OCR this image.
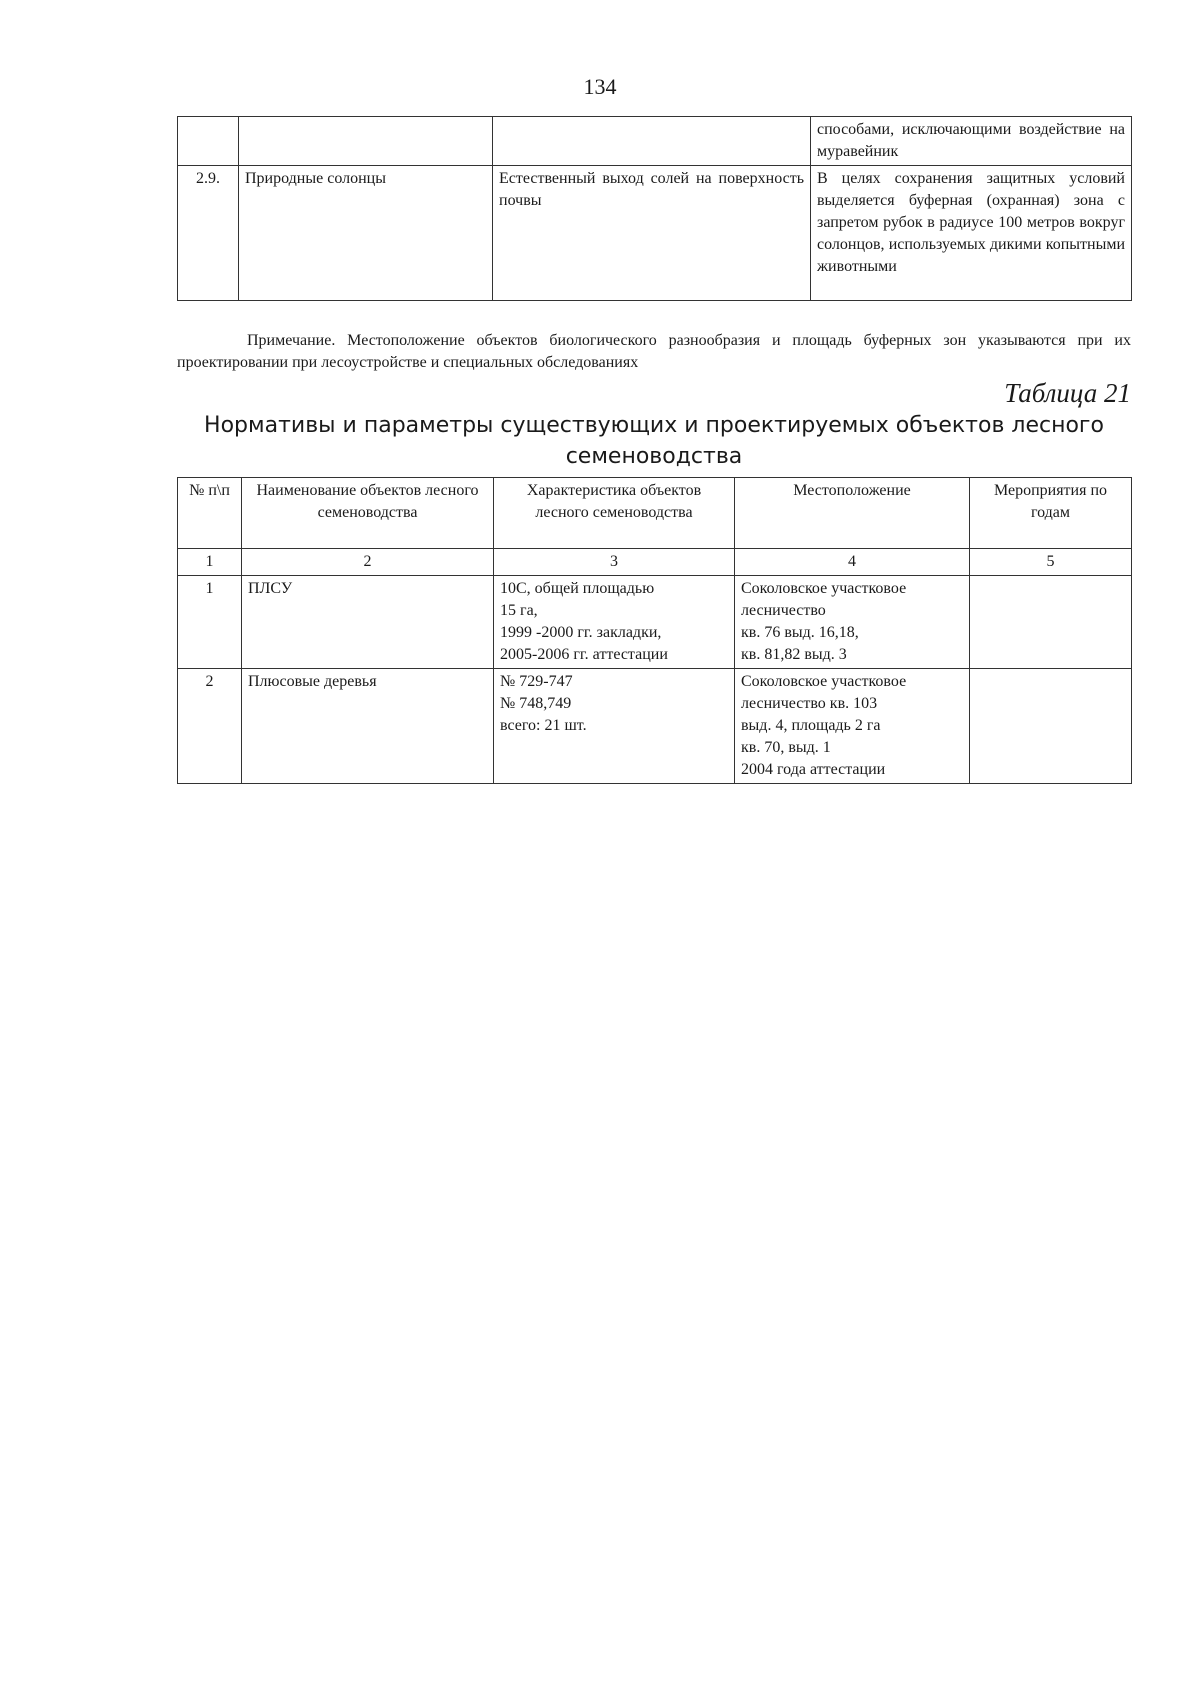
134
			способами, исключающими воздействие на муравейник
2.9.	Природные солонцы	Естественный выход солей на поверхность почвы	В целях сохранения защитных условий выделяется буферная (охранная) зона с запретом рубок в радиусе 100 метров вокруг солонцов, используемых дикими копытными животными
Примечание. Местоположение объектов биологического разнообразия и площадь буферных зон указываются при их проектировании при лесоустройстве и специальных обследованиях
Таблица 21
Нормативы и параметры существующих и проектируемых объектов лесного семеноводства
№ п\п	Наименование объектов лесного семеноводства	Характеристика объектов лесного семеноводства	Местоположение	Мероприятия по годам
1	2	3	4	5
1	ПЛСУ	10С, общей площадью
15 га,
1999 -2000 гг. закладки,
2005-2006 гг. аттестации	Соколовское участковое
лесничество
кв. 76 выд. 16,18,
кв. 81,82 выд. 3	
2	Плюсовые деревья	№ 729-747
№ 748,749
всего: 21 шт.	Соколовское участковое
лесничество кв. 103
выд. 4, площадь 2 га
кв. 70, выд. 1
2004 года аттестации	
